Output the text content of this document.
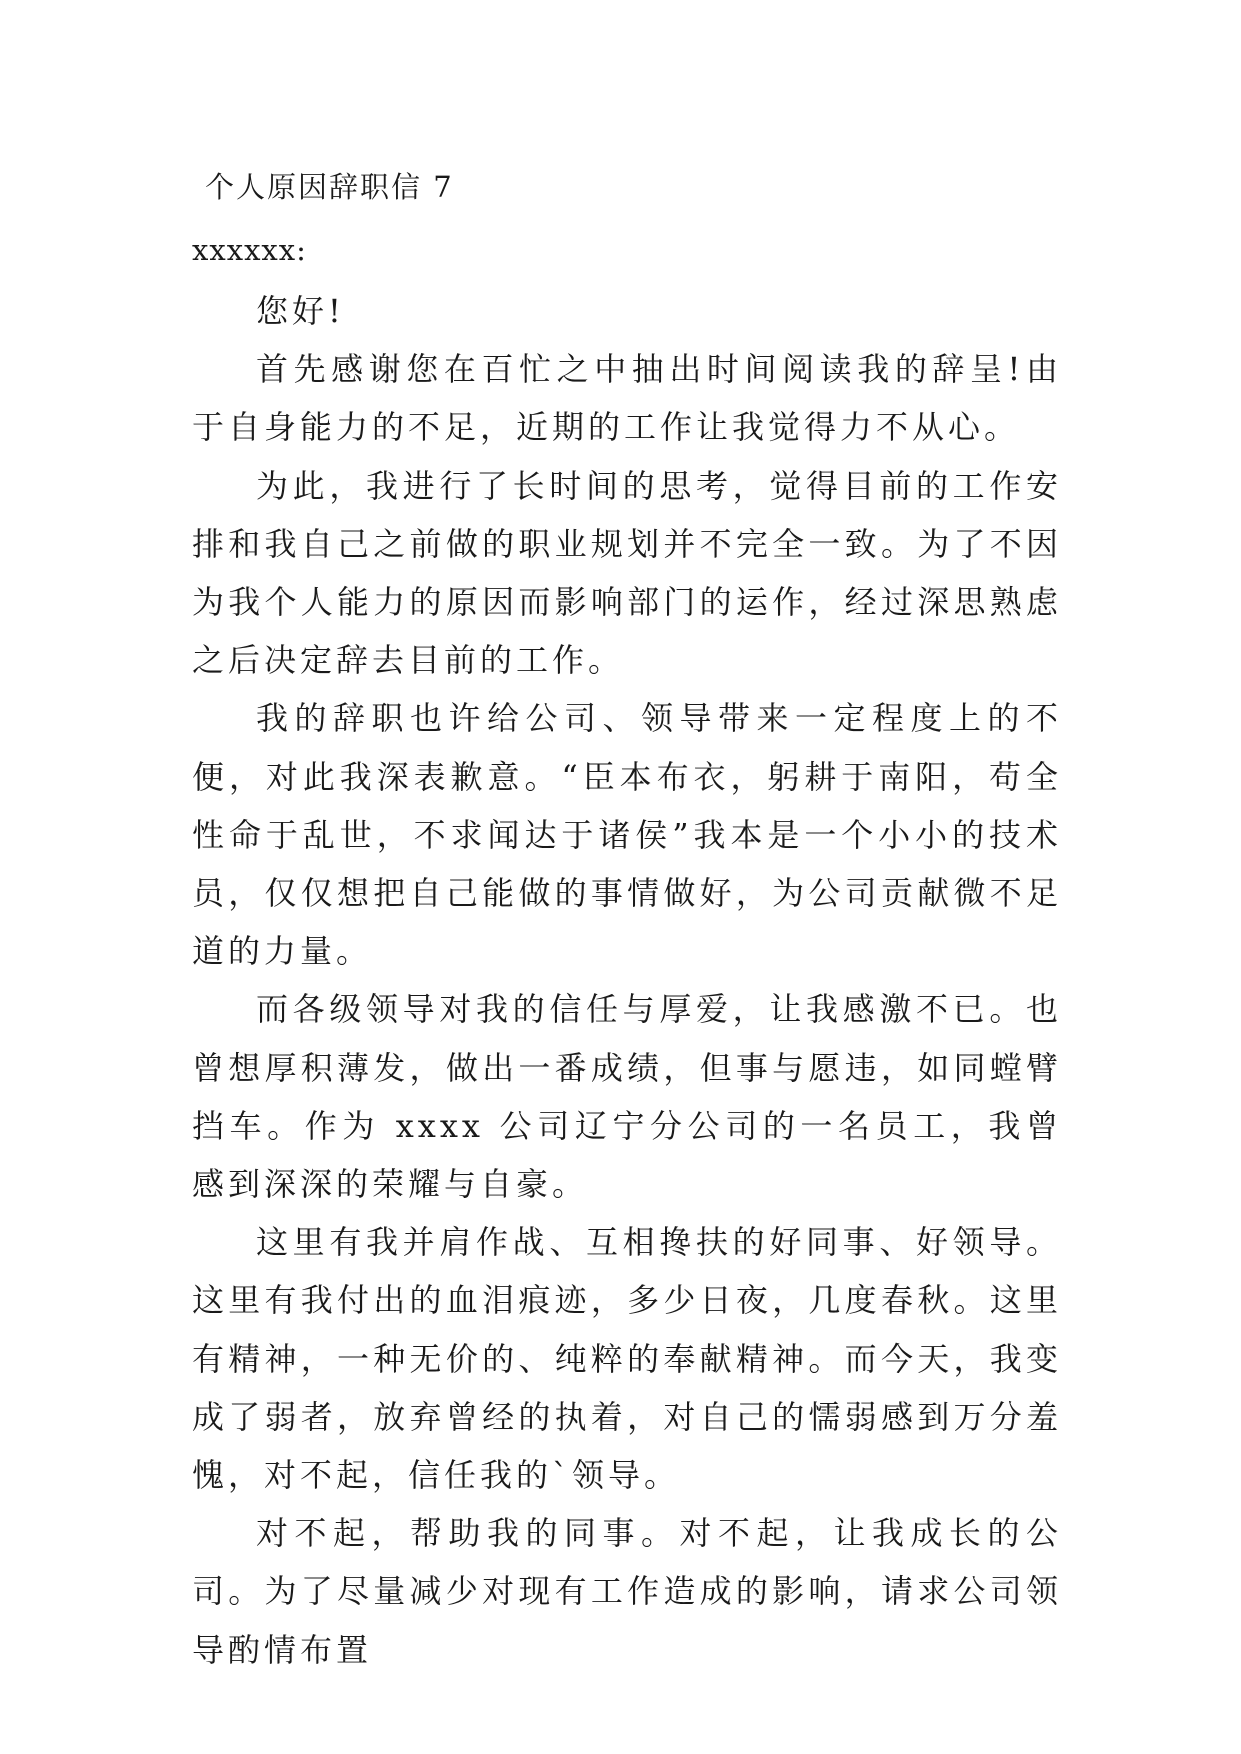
个人原因辞职信 7
xxxxxx:

您好!

首先感谢您在百忙之中抽出时间阅读我的辞呈!由于自身能力的不足，近期的工作让我觉得力不从心。

为此，我进行了长时间的思考，觉得目前的工作安排和我自己之前做的职业规划并不完全一致。为了不因为我个人能力的原因而影响部门的运作，经过深思熟虑之后决定辞去目前的工作。

我的辞职也许给公司、领导带来一定程度上的不便，对此我深表歉意。“臣本布衣，躬耕于南阳，苟全性命于乱世，不求闻达于诸侯”我本是一个小小的技术员，仅仅想把自己能做的事情做好，为公司贡献微不足道的力量。

而各级领导对我的信任与厚爱，让我感激不已。也曾想厚积薄发，做出一番成绩，但事与愿违，如同螳臂挡车。作为 xxxx 公司辽宁分公司的一名员工，我曾感到深深的荣耀与自豪。

这里有我并肩作战、互相搀扶的好同事、好领导。这里有我付出的血泪痕迹，多少日夜，几度春秋。这里有精神，一种无价的、纯粹的奉献精神。而今天，我变成了弱者，放弃曾经的执着，对自己的懦弱感到万分羞愧，对不起，信任我的`领导。

对不起，帮助我的同事。对不起，让我成长的公司。为了尽量减少对现有工作造成的影响，请求公司领导酌情布置
